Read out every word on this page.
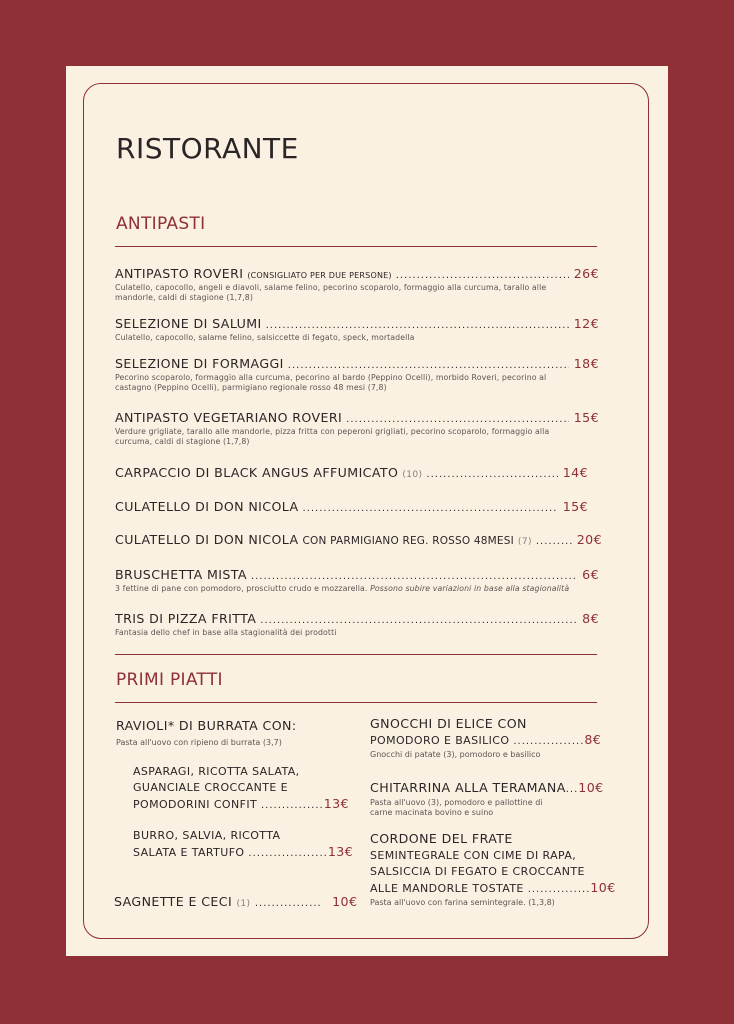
RISTORANTE
ANTIPASTI
ANTIPASTO ROVERI (CONSIGLIATO PER DUE PERSONE) .....	26€
Culatello, capocollo, angeli e diavoli, salame felino, pecorino scoparolo, formaggio alla curcuma, tarallo alle mandorle, caldi di stagione (1,7,8)
SELEZIONE DI SALUMI .....	12€
Culatello, capocollo, salame felino, salsiccette di fegato, speck, mortadella
SELEZIONE DI FORMAGGI .....	18€
Pecorino scoparolo, formaggio alla curcuma, pecorino al bardo (Peppino Ocelli), morbido Roveri, pecorino al castagno (Peppino Ocelli), parmigiano regionale rosso 48 mesi (7,8)
ANTIPASTO VEGETARIANO ROVERI .....	15€
Verdure grigliate, tarallo alle mandorle, pizza fritta con peperoni grigliati, pecorino scoparolo, formaggio alla curcuma, caldi di stagione (1,7,8)
CARPACCIO DI BLACK ANGUS AFFUMICATO (10) .....	14€
CULATELLO DI DON NICOLA .....	15€
CULATELLO DI DON NICOLA CON PARMIGIANO REG. ROSSO 48MESI (7) .....	20€
BRUSCHETTA MISTA .....	6€
3 fettine di pane con pomodoro, prosciutto crudo e mozzarella. Possono subire variazioni in base alla stagionalità
TRIS DI PIZZA FRITTA .....	8€
Fantasia dello chef in base alla stagionalità dei prodotti
PRIMI PIATTI
RAVIOLI* DI BURRATA CON:
Pasta all'uovo con ripieno di burrata (3,7)
ASPARAGI, RICOTTA SALATA,
GUANCIALE CROCCANTE E
POMODORINI CONFIT ...............13€
BURRO, SALVIA, RICOTTA
SALATA E TARTUFO ...................13€
SAGNETTE E CECI (1) ................ 10€
GNOCCHI DI ELICE CON
POMODORO E BASILICO .................8€
Gnocchi di patate (3), pomodoro e basilico
CHITARRINA ALLA TERAMANA...10€
Pasta all'uovo (3), pomodoro e pallottine di
carne macinata bovino e suino
CORDONE DEL FRATE
SEMINTEGRALE CON CIME DI RAPA,
SALSICCIA DI FEGATO E CROCCANTE
ALLE MANDORLE TOSTATE ...............10€
Pasta all'uovo con farina semintegrale. (1,3,8)
